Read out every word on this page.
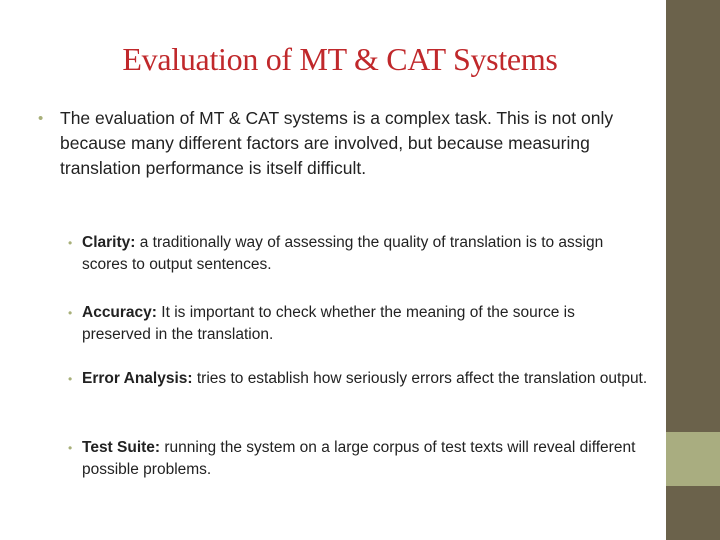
Evaluation of MT & CAT Systems
• The evaluation of MT & CAT systems is a complex task. This is not only because many different factors are involved, but because measuring translation performance is itself difficult.
• Clarity: a traditionally way of assessing the quality of translation is to assign scores to output sentences.
• Accuracy: It is important to check whether the meaning of the source is preserved in the translation.
• Error Analysis: tries to establish how seriously errors affect the translation output.
• Test Suite: running the system on a large corpus of test texts will reveal different possible problems.
